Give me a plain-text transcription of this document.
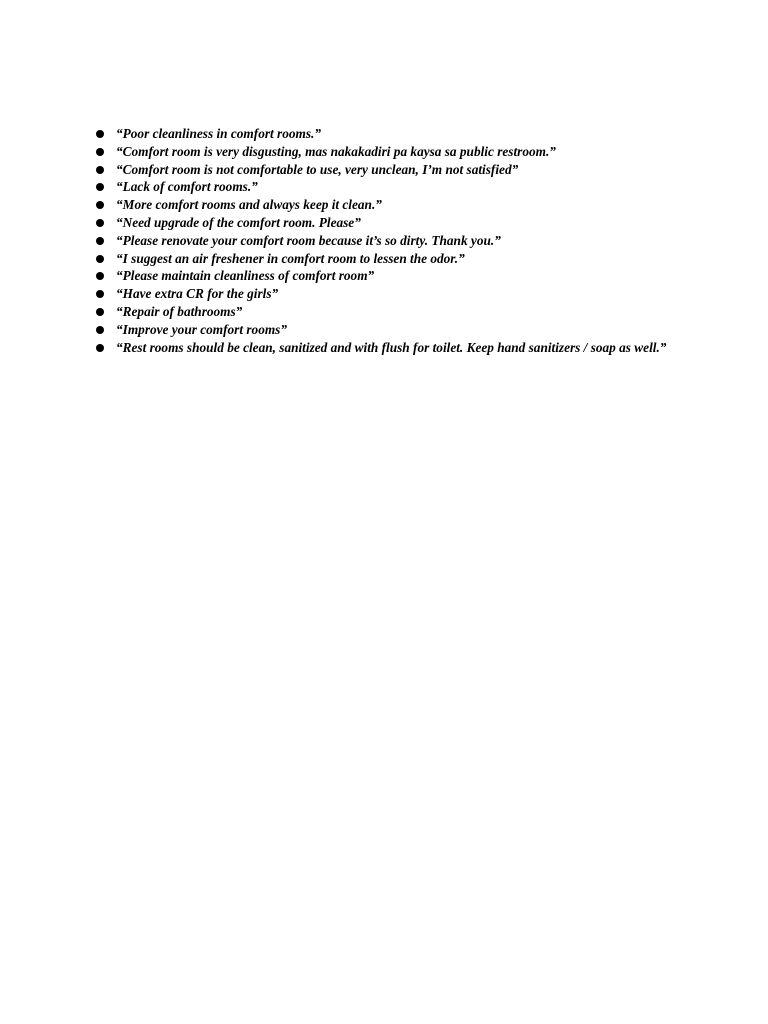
“Poor cleanliness in comfort rooms.”
“Comfort room is very disgusting, mas nakakadiri pa kaysa sa public restroom.”
“Comfort room is not comfortable to use, very unclean, I’m not satisfied”
“Lack of comfort rooms.”
“More comfort rooms and always keep it clean.”
“Need upgrade of the comfort room. Please”
“Please renovate your comfort room because it’s so dirty. Thank you.”
“I suggest an air freshener in comfort room to lessen the odor.”
“Please maintain cleanliness of comfort room”
“Have extra CR for the girls”
“Repair of bathrooms”
“Improve your comfort rooms”
“Rest rooms should be clean, sanitized and with flush for toilet. Keep hand sanitizers / soap as well.”
